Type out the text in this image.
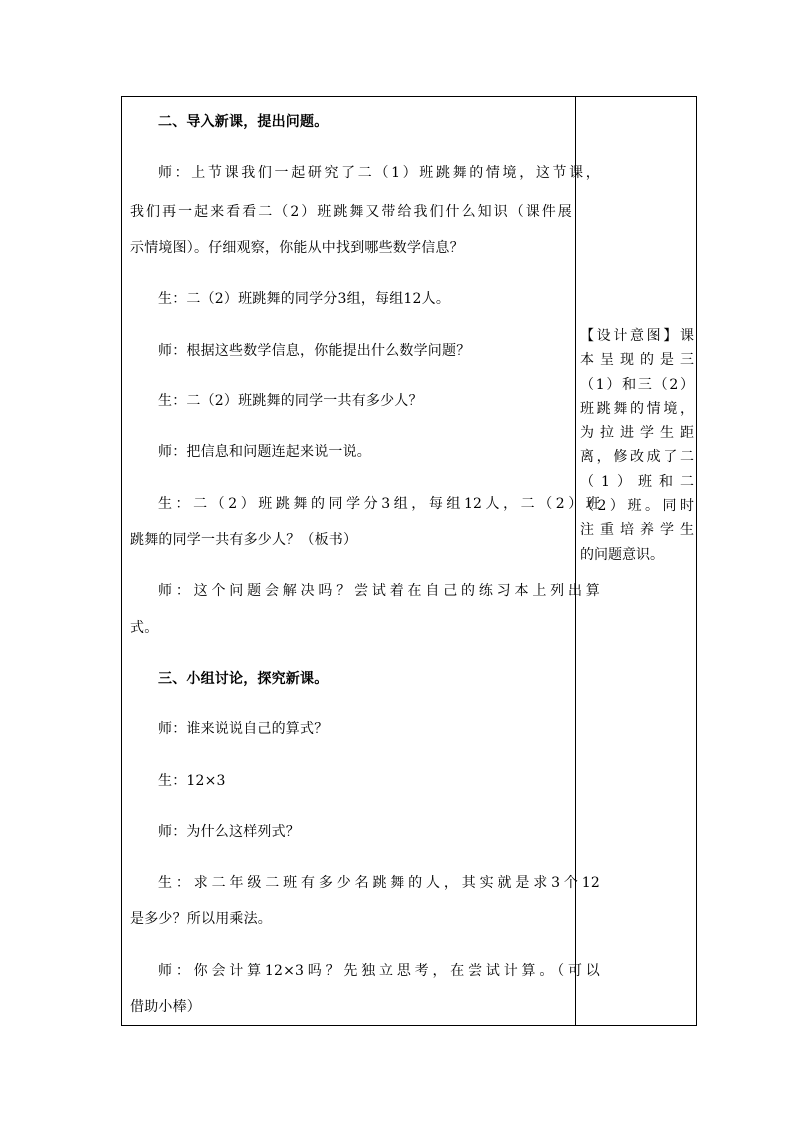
二、导入新课，提出问题。
师：上节课我们一起研究了二（1）班跳舞的情境，这节课，
我们再一起来看看二（2）班跳舞又带给我们什么知识（课件展
示情境图）。仔细观察，你能从中找到哪些数学信息？
生：二（2）班跳舞的同学分3组，每组12人。
师：根据这些数学信息，你能提出什么数学问题？
生：二（2）班跳舞的同学一共有多少人？
师：把信息和问题连起来说一说。
生：二（2）班跳舞的同学分3组，每组12人，二（2）班
跳舞的同学一共有多少人？（板书）
师：这个问题会解决吗？尝试着在自己的练习本上列出算
式。
三、小组讨论，探究新课。
师：谁来说说自己的算式？
生：12×3
师：为什么这样列式？
生：求二年级二班有多少名跳舞的人，其实就是求3个12
是多少？所以用乘法。
师：你会计算12×3吗？先独立思考，在尝试计算。（可以
借助小棒）
【设计意图】课
本呈现的是三
（1）和三（2）
班跳舞的情境，
为拉进学生距
离，修改成了二
（1）班和二
（2）班。同时
注重培养学生
的问题意识。
